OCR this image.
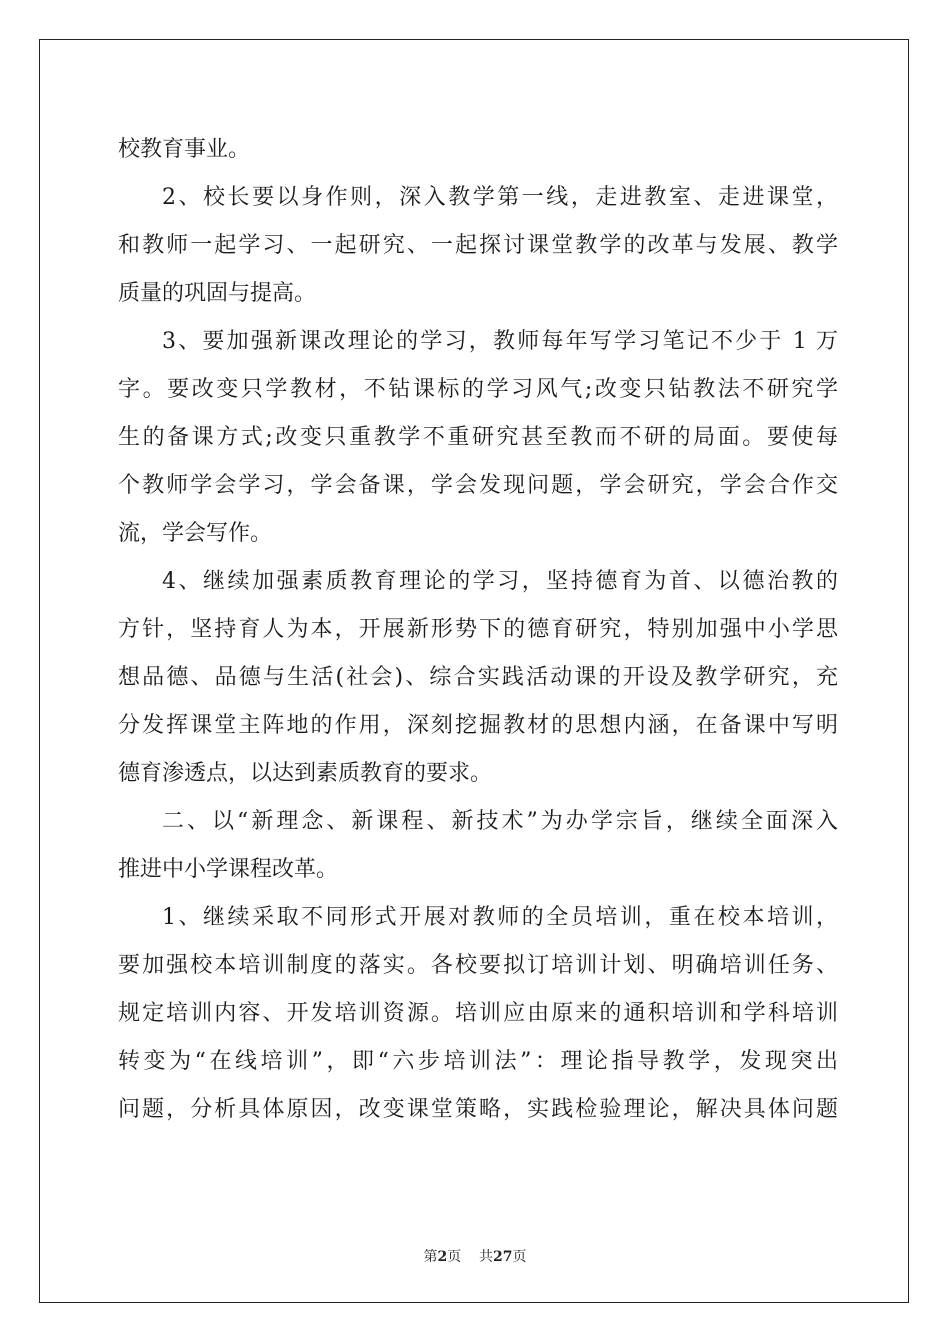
校教育事业。
2、校长要以身作则，深入教学第一线，走进教室、走进课堂，
和教师一起学习、一起研究、一起探讨课堂教学的改革与发展、教学
质量的巩固与提高。
3、要加强新课改理论的学习，教师每年写学习笔记不少于 1 万
字。要改变只学教材，不钻课标的学习风气;改变只钻教法不研究学
生的备课方式;改变只重教学不重研究甚至教而不研的局面。要使每
个教师学会学习，学会备课，学会发现问题，学会研究，学会合作交
流，学会写作。
4、继续加强素质教育理论的学习，坚持德育为首、以德治教的
方针，坚持育人为本，开展新形势下的德育研究，特别加强中小学思
想品德、品德与生活(社会)、综合实践活动课的开设及教学研究，充
分发挥课堂主阵地的作用，深刻挖掘教材的思想内涵，在备课中写明
德育渗透点，以达到素质教育的要求。
二、以“新理念、新课程、新技术”为办学宗旨，继续全面深入
推进中小学课程改革。
1、继续采取不同形式开展对教师的全员培训，重在校本培训，
要加强校本培训制度的落实。各校要拟订培训计划、明确培训任务、
规定培训内容、开发培训资源。培训应由原来的通积培训和学科培训
转变为“在线培训”，即“六步培训法”：理论指导教学，发现突出
问题，分析具体原因，改变课堂策略，实践检验理论，解决具体问题
第2页 共27页
